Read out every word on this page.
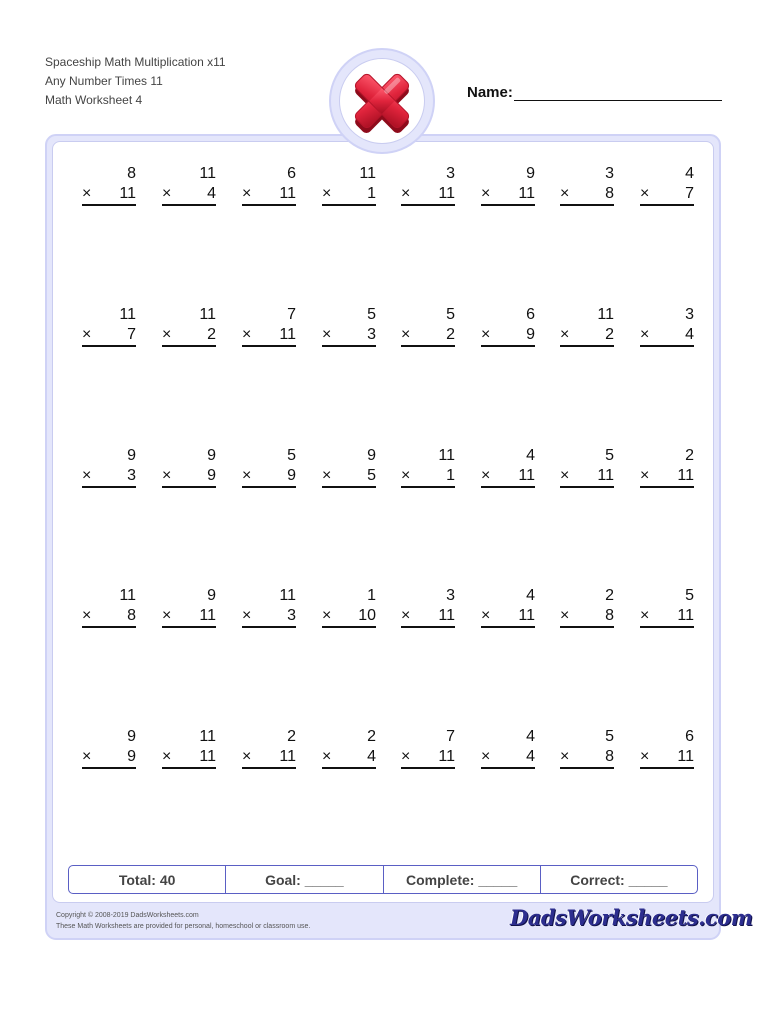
Spaceship Math Multiplication x11
Any Number Times 11
Math Worksheet 4	Name:
8
× 11
11
× 4
6
× 11
11
× 1
3
× 11
9
× 11
3
× 8
4
× 7
11
× 7
11
× 2
7
× 11
5
× 3
5
× 2
6
× 9
11
× 2
3
× 4
9
× 3
9
× 9
5
× 9
9
× 5
11
× 1
4
× 11
5
× 11
2
× 11
11
× 8
9
× 11
11
× 3
1
× 10
3
× 11
4
× 11
2
× 8
5
× 11
9
× 9
11
× 11
2
× 11
2
× 4
7
× 11
4
× 4
5
× 8
6
× 11
Total: 40	Goal: _____	Complete: _____	Correct: _____
Copyright © 2008-2019 DadsWorksheets.com
These Math Worksheets are provided for personal, homeschool or classroom use.	DadsWorksheets.com
